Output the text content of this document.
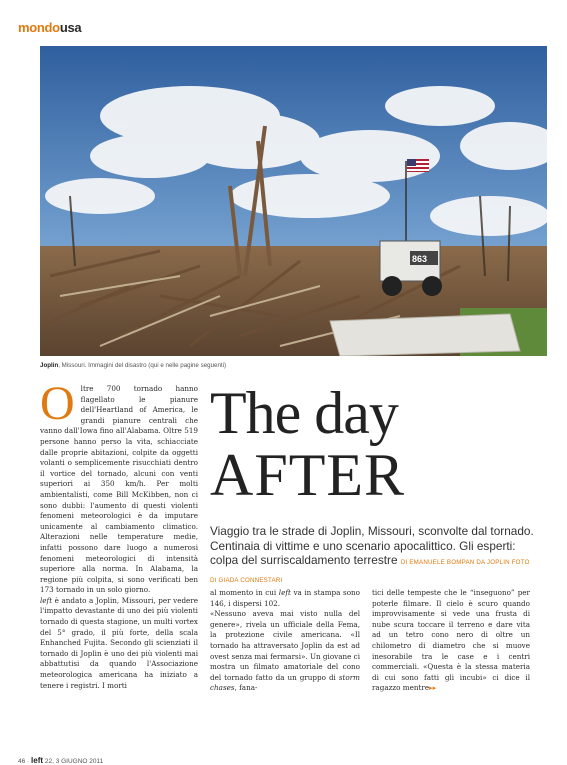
mondousa
863
Joplin, Missouri. Immagini del disastro (qui e nelle pagine seguenti)

Oltre 700 tornado hanno flagellato le pianure dell'Heartland of America, le grandi pianure centrali che vanno dall'Iowa fino all'Alabama. Oltre 519 persone hanno perso la vita, schiacciate dalle proprie abitazioni, colpite da oggetti volanti o semplicemente risucchiati dentro il vortice del tornado, alcuni con venti superiori ai 350 km/h. Per molti ambientalisti, come Bill McKibben, non ci sono dubbi: l'aumento di questi violenti fenomeni meteorologici è da imputare unicamente al cambiamento climatico. Alterazioni nelle temperature medie, infatti possono dare luogo a numerosi fenomeni meteorologici di intensità superiore alla norma. In Alabama, la regione più colpita, si sono verificati ben 173 tornado in un solo giorno.

left è andato a Joplin, Missouri, per vedere l'impatto devastante di uno dei più violenti tornado di questa stagione, un multi vortex del 5° grado, il più forte, della scala Enhanched Fujita. Secondo gli scienziati il tornado di Joplin è uno dei più violenti mai abbattutisi da quando l'Associazione meteorologica americana ha iniziato a tenere i registri. I morti

The day
AFTER
Viaggio tra le strade di Joplin, Missouri, sconvolte dal tornado. Centinaia di vittime e uno scenario apocalittico. Gli esperti: colpa del surriscaldamento terrestre DI EMANUELE BOMPAN DA JOPLIN FOTO DI GIADA CONNESTARI

al momento in cui left va in stampa sono 146, i dispersi 102.

«Nessuno aveva mai visto nulla del genere», rivela un ufficiale della Fema, la protezione civile americana. «Il tornado ha attraversato Joplin da est ad ovest senza mai fermarsi». Un giovane ci mostra un filmato amatoriale del cono del tornado fatto da un gruppo di storm chases, fana-

tici delle tempeste che le “inseguono” per poterle filmare. Il cielo è scuro quando improvvisamente si vede una frusta di nube scura toccare il terreno e dare vita ad un tetro cono nero di oltre un chilometro di diametro che si muove inesorabile tra le case e i centri commerciali. «Questa è la stessa materia di cui sono fatti gli incubi» ci dice il ragazzo mentre▸▸

46 · left 22, 3 GIUGNO 2011
